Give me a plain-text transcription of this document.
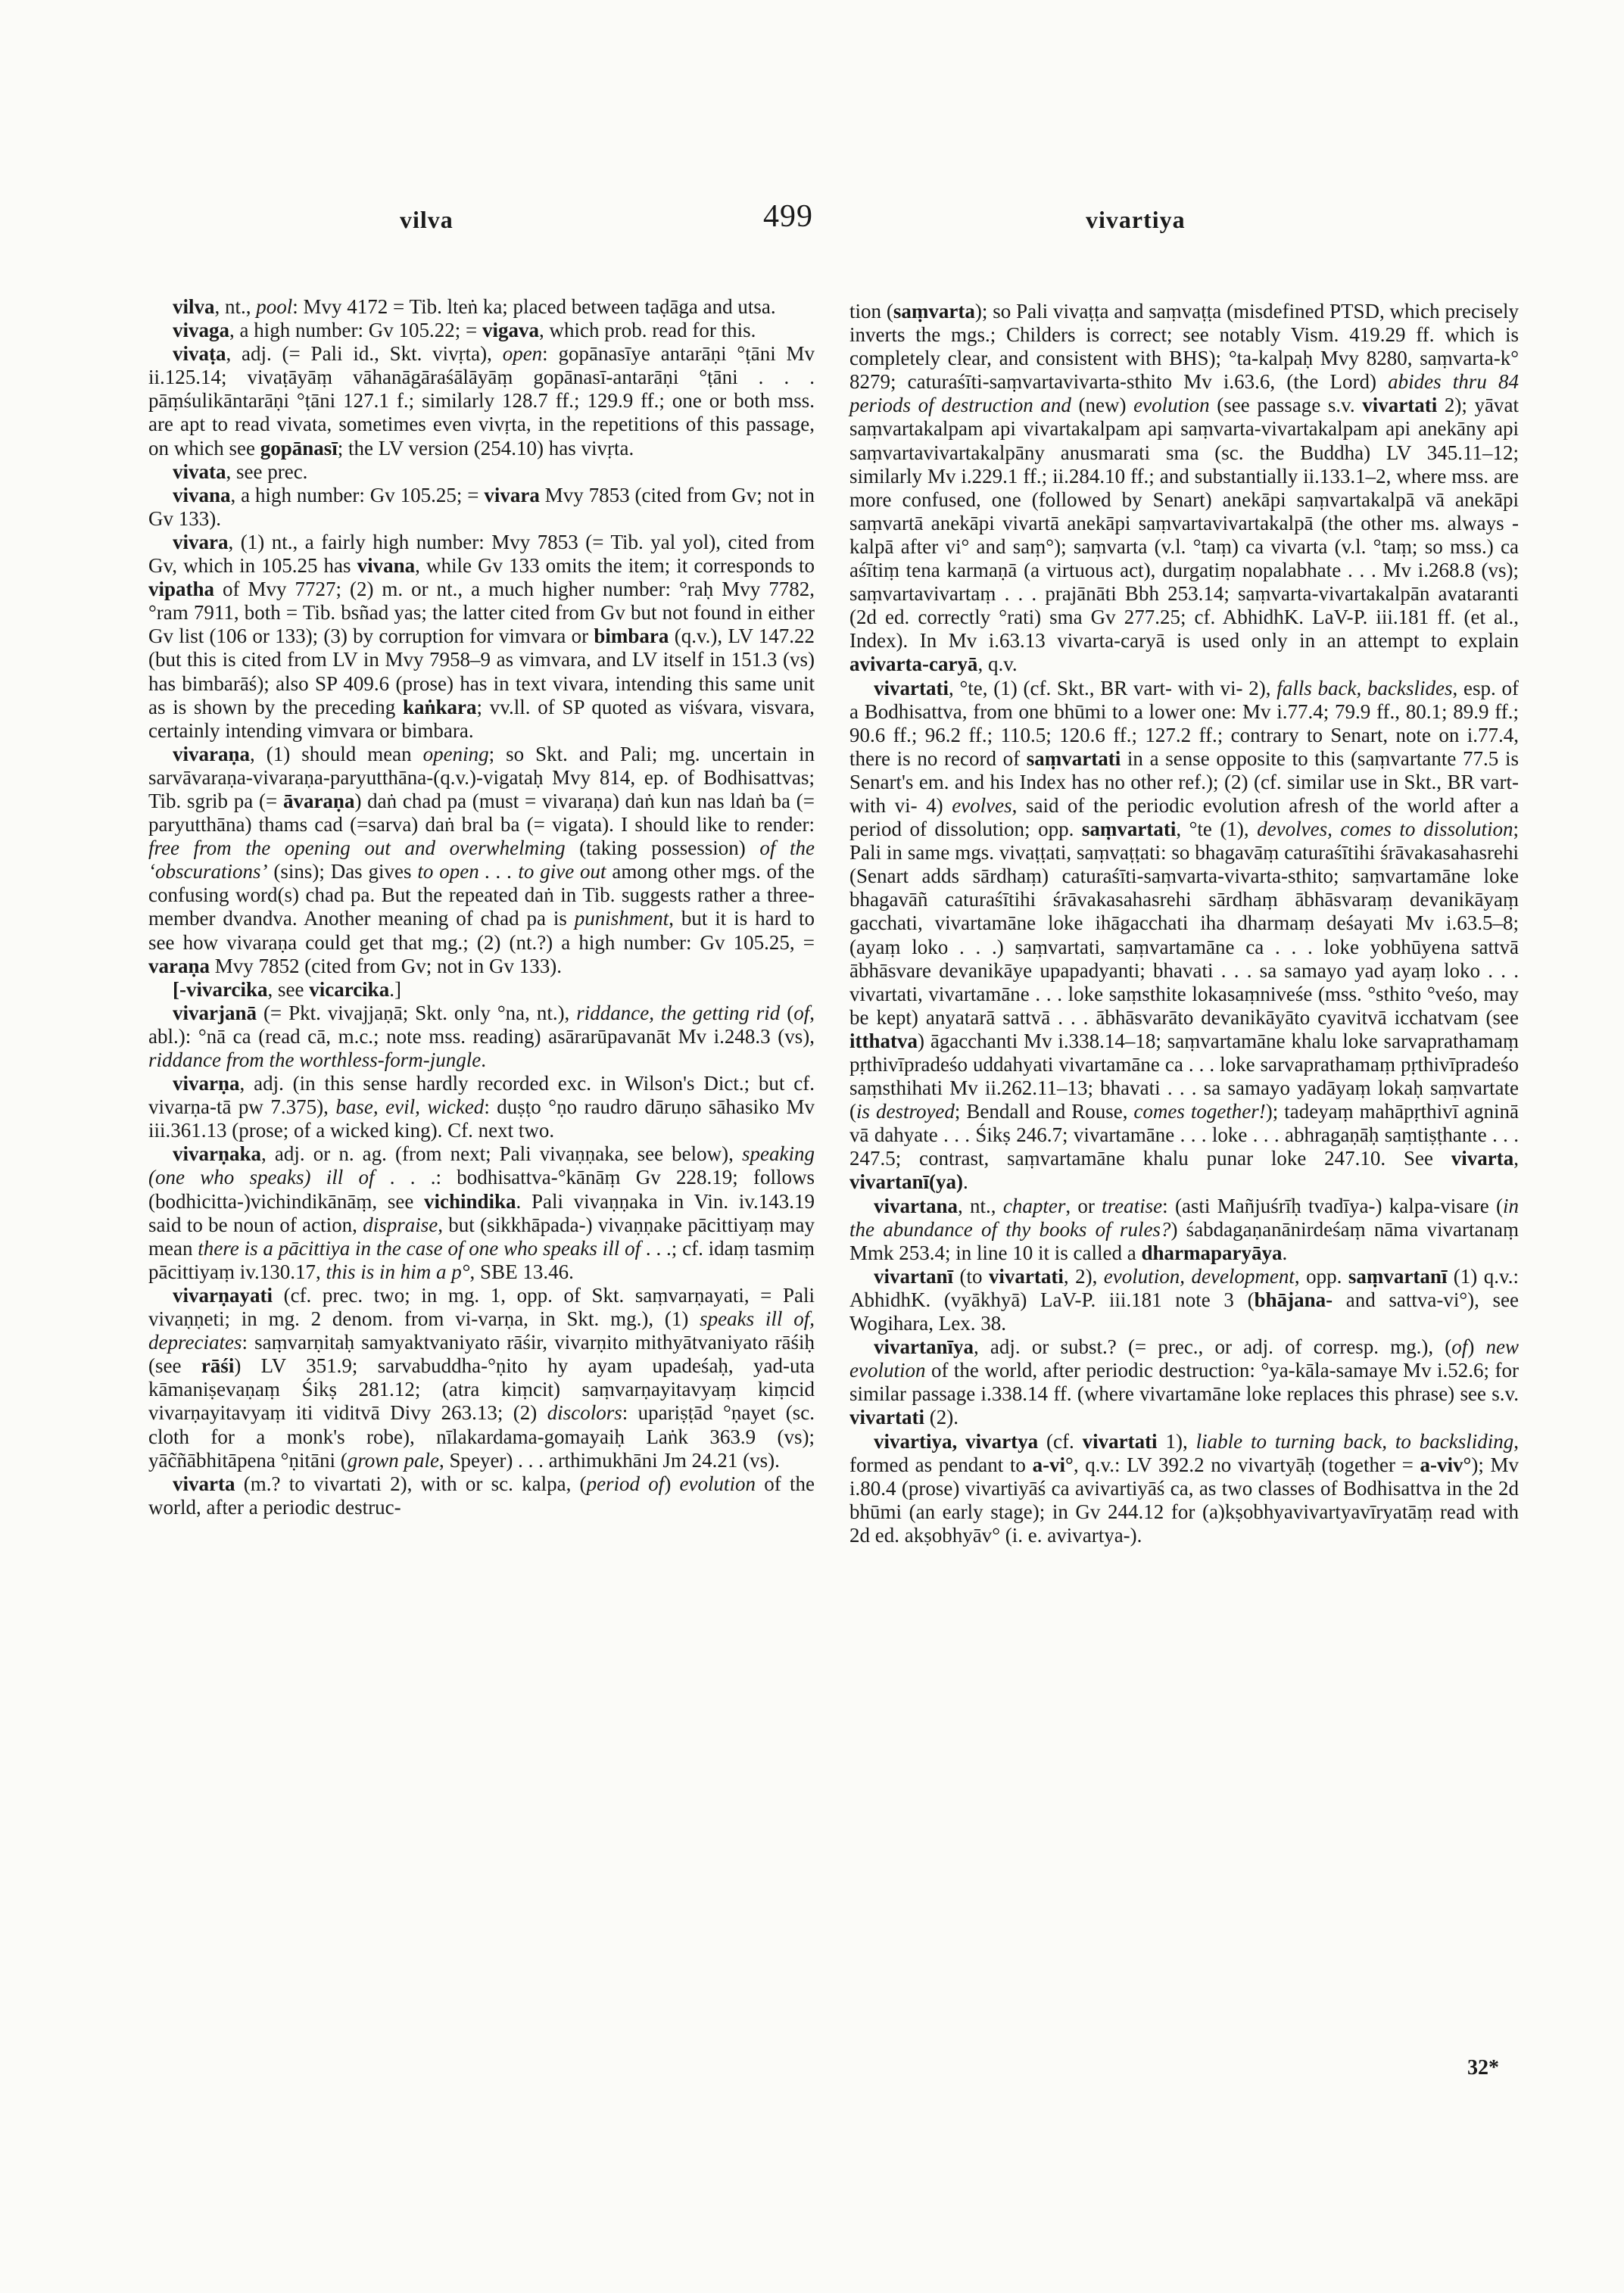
vilva	499	vivartiya

vilva, nt., pool: Mvy 4172 = Tib. lteṅ ka; placed between taḍāga and utsa.

vivaga, a high number: Gv 105.22; = vigava, which prob. read for this.

vivaṭa, adj. (= Pali id., Skt. vivṛta), open: gopānasīye antarāṇi °ṭāni Mv ii.125.14; vivaṭāyāṃ vāhanāgāraśālāyāṃ gopānasī-antarāṇi °ṭāni . . . pāṃśulikāntarāṇi °ṭāni 127.1 f.; similarly 128.7 ff.; 129.9 ff.; one or both mss. are apt to read vivata, sometimes even vivṛta, in the repetitions of this passage, on which see gopānasī; the LV version (254.10) has vivṛta.

vivata, see prec.

vivana, a high number: Gv 105.25; = vivara Mvy 7853 (cited from Gv; not in Gv 133).

vivara, (1) nt., a fairly high number: Mvy 7853 (= Tib. yal yol), cited from Gv, which in 105.25 has vivana, while Gv 133 omits the item; it corresponds to vipatha of Mvy 7727; (2) m. or nt., a much higher number: °raḥ Mvy 7782, °ram 7911, both = Tib. bsñad yas; the latter cited from Gv but not found in either Gv list (106 or 133); (3) by corruption for vimvara or bimbara (q.v.), LV 147.22 (but this is cited from LV in Mvy 7958–9 as vimvara, and LV itself in 151.3 (vs) has bimbarāś); also SP 409.6 (prose) has in text vivara, intending this same unit as is shown by the preceding kaṅkara; vv.ll. of SP quoted as viśvara, visvara, certainly intending vimvara or bimbara.

vivaraṇa, (1) should mean opening; so Skt. and Pali; mg. uncertain in sarvāvaraṇa-vivaraṇa-paryutthāna-(q.v.)-vigataḥ Mvy 814, ep. of Bodhisattvas; Tib. sgrib pa (= āvaraṇa) daṅ chad pa (must = vivaraṇa) daṅ kun nas ldaṅ ba (= paryutthāna) thams cad (=sarva) daṅ bral ba (= vigata). I should like to render: free from the opening out and overwhelming (taking possession) of the ‘obscurations’ (sins); Das gives to open . . . to give out among other mgs. of the confusing word(s) chad pa. But the repeated daṅ in Tib. suggests rather a three-member dvandva. Another meaning of chad pa is punishment, but it is hard to see how vivaraṇa could get that mg.; (2) (nt.?) a high number: Gv 105.25, = varaṇa Mvy 7852 (cited from Gv; not in Gv 133).

[-vivarcika, see vicarcika.]

vivarjanā (= Pkt. vivajjaṇā; Skt. only °na, nt.), riddance, the getting rid (of, abl.): °nā ca (read cā, m.c.; note mss. reading) asārarūpavanāt Mv i.248.3 (vs), riddance from the worthless-form-jungle.

vivarṇa, adj. (in this sense hardly recorded exc. in Wilson's Dict.; but cf. vivarṇa-tā pw 7.375), base, evil, wicked: duṣṭo °ṇo raudro dāruṇo sāhasiko Mv iii.361.13 (prose; of a wicked king). Cf. next two.

vivarṇaka, adj. or n. ag. (from next; Pali vivaṇṇaka, see below), speaking (one who speaks) ill of . . .: bodhisattva-°kānāṃ Gv 228.19; follows (bodhicitta-)vichindikānāṃ, see vichindika. Pali vivaṇṇaka in Vin. iv.143.19 said to be noun of action, dispraise, but (sikkhāpada-) vivaṇṇake pācittiyaṃ may mean there is a pācittiya in the case of one who speaks ill of . . .; cf. idaṃ tasmiṃ pācittiyaṃ iv.130.17, this is in him a p°, SBE 13.46.

vivarṇayati (cf. prec. two; in mg. 1, opp. of Skt. saṃvarṇayati, = Pali vivaṇṇeti; in mg. 2 denom. from vi-varṇa, in Skt. mg.), (1) speaks ill of, depreciates: saṃvarṇitaḥ samyaktvaniyato rāśir, vivarṇito mithyātvaniyato rāśiḥ (see rāśi) LV 351.9; sarvabuddha-°ṇito hy ayam upadeśaḥ, yad-uta kāmaniṣevaṇaṃ Śikṣ 281.12; (atra kiṃcit) saṃvarṇayitavyaṃ kiṃcid vivarṇayitavyaṃ iti viditvā Divy 263.13; (2) discolors: upariṣṭād °ṇayet (sc. cloth for a monk's robe), nīlakardama-gomayaiḥ Laṅk 363.9 (vs); yāc̃ñābhitāpena °ṇitāni (grown pale, Speyer) . . . arthimukhāni Jm 24.21 (vs).

vivarta (m.? to vivartati 2), with or sc. kalpa, (period of) evolution of the world, after a periodic destruc-

tion (saṃvarta); so Pali vivaṭṭa and saṃvaṭṭa (misdefined PTSD, which precisely inverts the mgs.; Childers is correct; see notably Vism. 419.29 ff. which is completely clear, and consistent with BHS); °ta-kalpaḥ Mvy 8280, saṃvarta-k° 8279; caturaśīti-saṃvartavivarta-sthito Mv i.63.6, (the Lord) abides thru 84 periods of destruction and (new) evolution (see passage s.v. vivartati 2); yāvat saṃvartakalpam api vivartakalpam api saṃvarta-vivartakalpam api anekāny api saṃvartavivartakalpāny anusmarati sma (sc. the Buddha) LV 345.11–12; similarly Mv i.229.1 ff.; ii.284.10 ff.; and substantially ii.133.1–2, where mss. are more confused, one (followed by Senart) anekāpi saṃvartakalpā vā anekāpi saṃvartā anekāpi vivartā anekāpi saṃvartavivartakalpā (the other ms. always -kalpā after vi° and saṃ°); saṃvarta (v.l. °taṃ) ca vivarta (v.l. °taṃ; so mss.) ca aśītiṃ tena karmaṇā (a virtuous act), durgatiṃ nopalabhate . . . Mv i.268.8 (vs); saṃvartavivartaṃ . . . prajānāti Bbh 253.14; saṃvarta-vivartakalpān avataranti (2d ed. correctly °rati) sma Gv 277.25; cf. AbhidhK. LaV-P. iii.181 ff. (et al., Index). In Mv i.63.13 vivarta-caryā is used only in an attempt to explain avivarta-caryā, q.v.

vivartati, °te, (1) (cf. Skt., BR vart- with vi- 2), falls back, backslides, esp. of a Bodhisattva, from one bhūmi to a lower one: Mv i.77.4; 79.9 ff., 80.1; 89.9 ff.; 90.6 ff.; 96.2 ff.; 110.5; 120.6 ff.; 127.2 ff.; contrary to Senart, note on i.77.4, there is no record of saṃvartati in a sense opposite to this (saṃvartante 77.5 is Senart's em. and his Index has no other ref.); (2) (cf. similar use in Skt., BR vart- with vi- 4) evolves, said of the periodic evolution afresh of the world after a period of dissolution; opp. saṃvartati, °te (1), devolves, comes to dissolution; Pali in same mgs. vivaṭṭati, saṃvaṭṭati: so bhagavāṃ caturaśītihi śrāvakasahasrehi (Senart adds sārdhaṃ) caturaśīti-saṃvarta-vivarta-sthito; saṃvartamāne loke bhagavāñ caturaśītihi śrāvakasahasrehi sārdhaṃ ābhāsvaraṃ devanikāyaṃ gacchati, vivartamāne loke ihāgacchati iha dharmaṃ deśayati Mv i.63.5–8; (ayaṃ loko . . .) saṃvartati, saṃvartamāne ca . . . loke yobhūyena sattvā ābhāsvare devanikāye upapadyanti; bhavati . . . sa samayo yad ayaṃ loko . . . vivartati, vivartamāne . . . loke saṃsthite lokasaṃniveśe (mss. °sthito °veśo, may be kept) anyatarā sattvā . . . ābhāsvarāto devanikāyāto cyavitvā icchatvam (see itthatva) āgacchanti Mv i.338.14–18; saṃvartamāne khalu loke sarvaprathamaṃ pṛthivīpradeśo uddahyati vivartamāne ca . . . loke sarvaprathamaṃ pṛthivīpradeśo saṃsthihati Mv ii.262.11–13; bhavati . . . sa samayo yadāyaṃ lokaḥ saṃvartate (is destroyed; Bendall and Rouse, comes together!); tadeyaṃ mahāpṛthivī agninā vā dahyate . . . Śikṣ 246.7; vivartamāne . . . loke . . . abhragaṇāḥ saṃtiṣṭhante . . . 247.5; contrast, saṃvartamāne khalu punar loke 247.10. See vivarta, vivartanī(ya).

vivartana, nt., chapter, or treatise: (asti Mañjuśrīḥ tvadīya-) kalpa-visare (in the abundance of thy books of rules?) śabdagaṇanānirdeśaṃ nāma vivartanaṃ Mmk 253.4; in line 10 it is called a dharmaparyāya.

vivartanī (to vivartati, 2), evolution, development, opp. saṃvartanī (1) q.v.: AbhidhK. (vyākhyā) LaV-P. iii.181 note 3 (bhājana- and sattva-vi°), see Wogihara, Lex. 38.

vivartanīya, adj. or subst.? (= prec., or adj. of corresp. mg.), (of) new evolution of the world, after periodic destruction: °ya-kāla-samaye Mv i.52.6; for similar passage i.338.14 ff. (where vivartamāne loke replaces this phrase) see s.v. vivartati (2).

vivartiya, vivartya (cf. vivartati 1), liable to turning back, to backsliding, formed as pendant to a-vi°, q.v.: LV 392.2 no vivartyāḥ (together = a-viv°); Mv i.80.4 (prose) vivartiyāś ca avivartiyāś ca, as two classes of Bodhisattva in the 2d bhūmi (an early stage); in Gv 244.12 for (a)kṣobhyavivartyavīryatāṃ read with 2d ed. akṣobhyāv° (i. e. avivartya-).

32*
